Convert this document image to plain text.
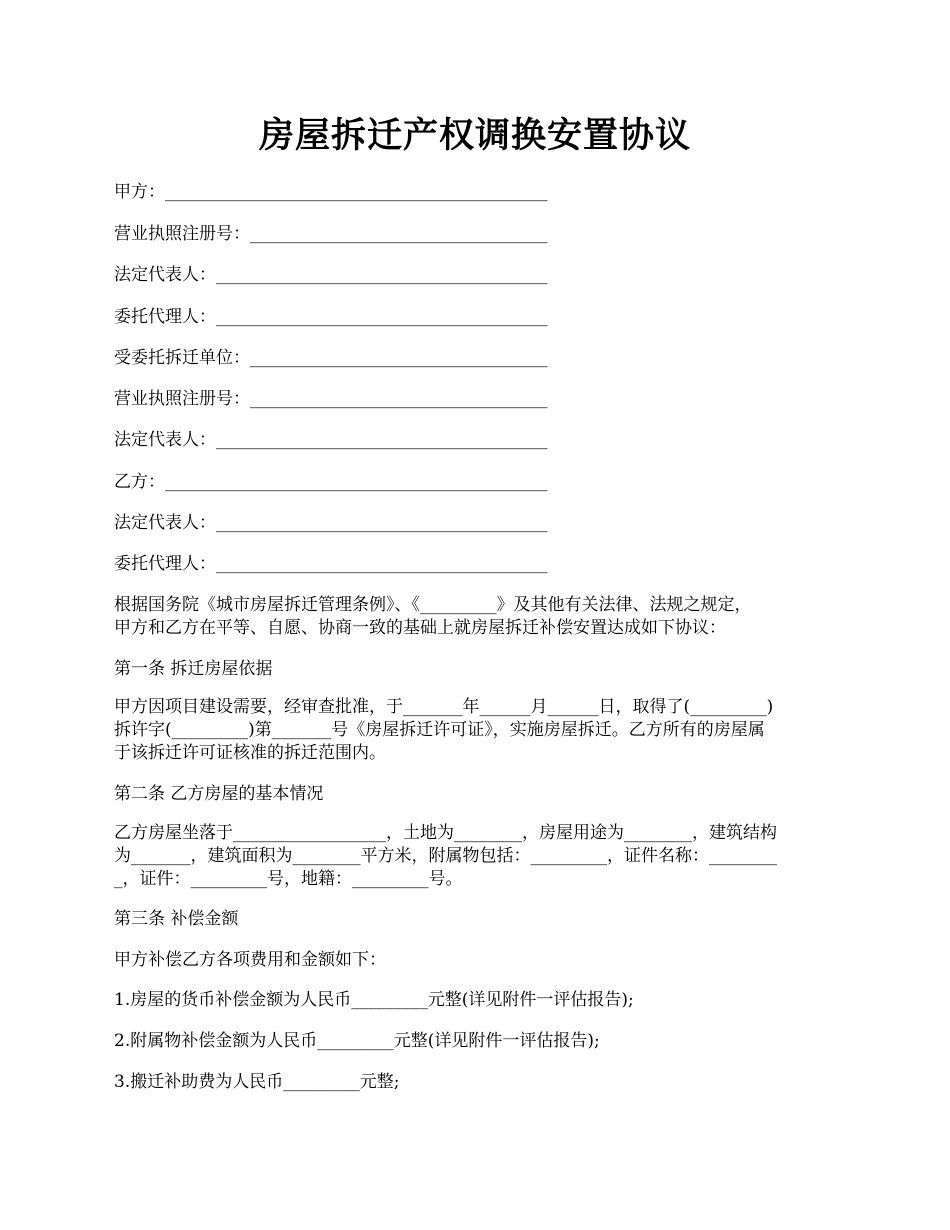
房屋拆迁产权调换安置协议
甲方：_____________________________________________
营业执照注册号：___________________________________
法定代表人：_______________________________________
委托代理人：_______________________________________
受委托拆迁单位：___________________________________
营业执照注册号：___________________________________
法定代表人：_______________________________________
乙方：_____________________________________________
法定代表人：_______________________________________
委托代理人：_______________________________________
根据国务院《城市房屋拆迁管理条例》、《_________》及其他有关法律、法规之规定，
甲方和乙方在平等、自愿、协商一致的基础上就房屋拆迁补偿安置达成如下协议：
第一条 拆迁房屋依据
甲方因项目建设需要，经审查批准，于_______年______月______日，取得了(_________)
拆许字(_________)第_______号《房屋拆迁许可证》，实施房屋拆迁。乙方所有的房屋属
于该拆迁许可证核准的拆迁范围内。
第二条 乙方房屋的基本情况
乙方房屋坐落于__________________，土地为________，房屋用途为________，建筑结构
为_______，建筑面积为________平方米，附属物包括：_________，证件名称：________
_，证件：_________号，地籍：_________号。
第三条 补偿金额
甲方补偿乙方各项费用和金额如下：
1.房屋的货币补偿金额为人民币_________元整(详见附件一评估报告);
2.附属物补偿金额为人民币_________元整(详见附件一评估报告);
3.搬迁补助费为人民币_________元整;
